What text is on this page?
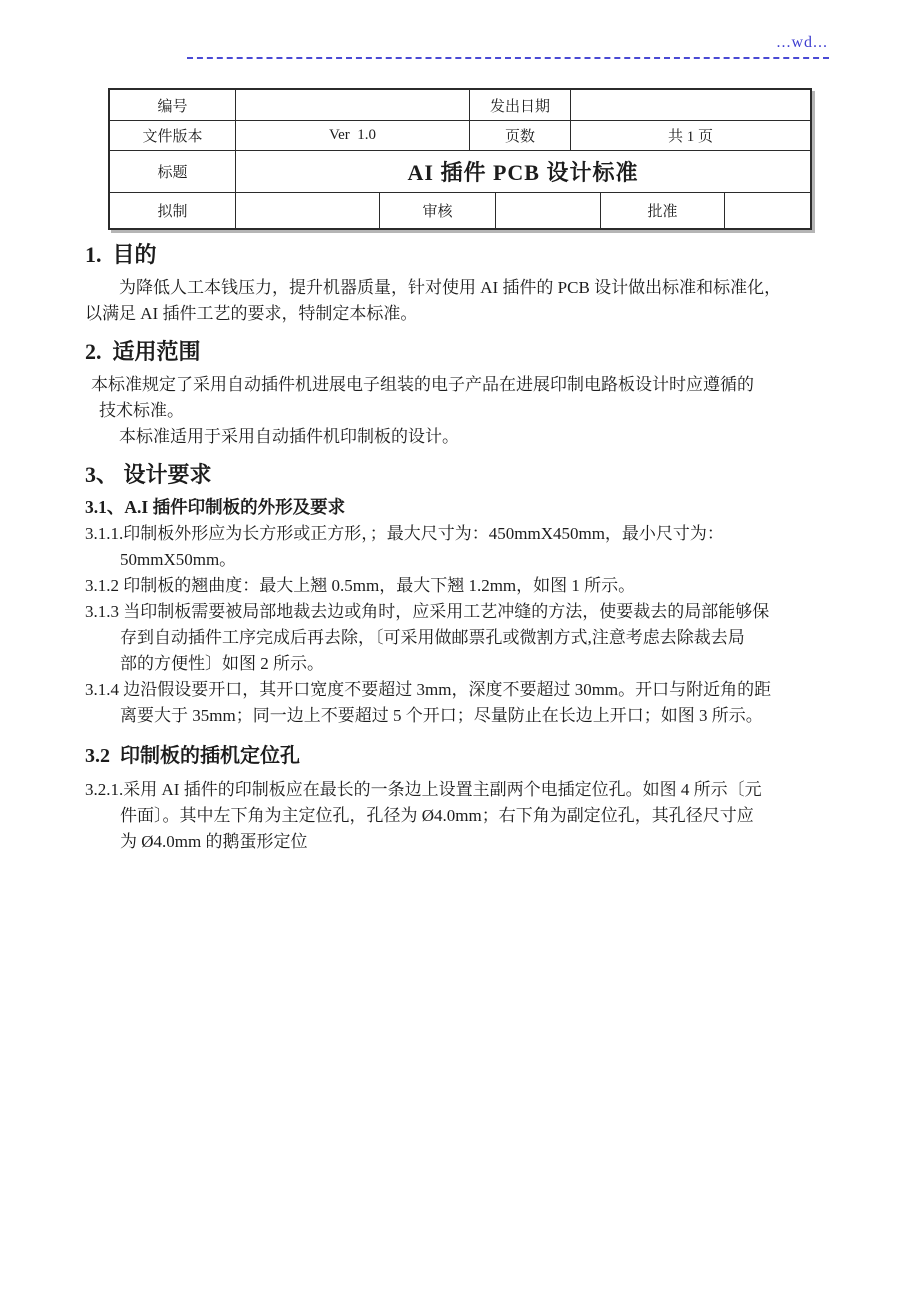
...wd...
编号	发出日期
文件版本	Ver  1.0	页数	共 1 页
标题	AI 插件 PCB 设计标准
拟制	审核	批准
1.  目的
为降低人工本钱压力，提升机器质量，针对使用 AI 插件的 PCB 设计做出标准和标准化，
以满足 AI 插件工艺的要求，特制定本标准。
2.  适用范围
本标准规定了采用自动插件机进展电子组装的电子产品在进展印制电路板设计时应遵循的
技术标准。
本标准适用于采用自动插件机印制板的设计。
3、 设计要求
3.1、A.I 插件印制板的外形及要求
3.1.1.印制板外形应为长方形或正方形，；最大尺寸为：450mmX450mm，最小尺寸为：
50mmX50mm。
3.1.2 印制板的翘曲度：最大上翘 0.5mm，最大下翘 1.2mm，如图 1 所示。
3.1.3 当印制板需要被局部地裁去边或角时，应采用工艺冲缝的方法，使要裁去的局部能够保
存到自动插件工序完成后再去除，〔可采用做邮票孔或微割方式,注意考虑去除裁去局
部的方便性〕如图 2 所示。
3.1.4 边沿假设要开口，其开口宽度不要超过 3mm，深度不要超过 30mm。开口与附近角的距
离要大于 35mm；同一边上不要超过 5 个开口；尽量防止在长边上开口；如图 3 所示。
3.2  印制板的插机定位孔
3.2.1.采用 AI 插件的印制板应在最长的一条边上设置主副两个电插定位孔。如图 4 所示〔元
件面〕。其中左下角为主定位孔，孔径为 Ø4.0mm；右下角为副定位孔，其孔径尺寸应
为 Ø4.0mm 的鹅蛋形定位
